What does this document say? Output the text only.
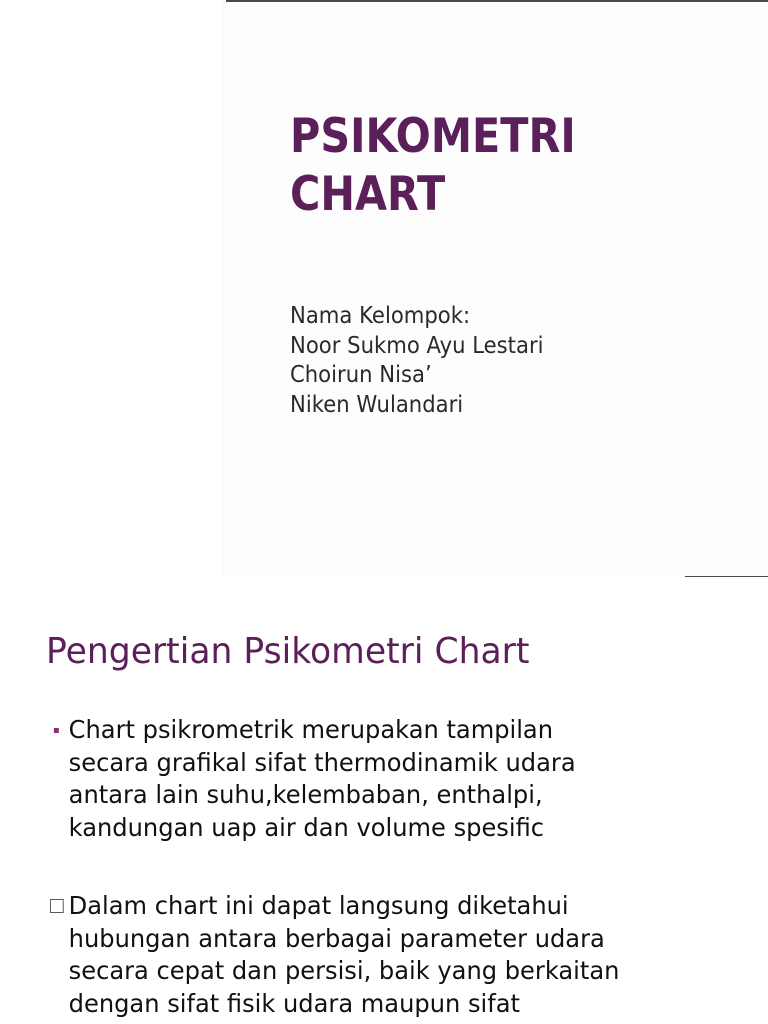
PSIKOMETRI
CHART
Nama Kelompok:
Noor Sukmo Ayu Lestari
Choirun Nisa’
Niken Wulandari
Pengertian Psikometri Chart
Chart psikrometrik merupakan tampilan
secara grafikal sifat thermodinamik udara
antara lain suhu,kelembaban, enthalpi,
kandungan uap air dan volume spesific
Dalam chart ini dapat langsung diketahui
hubungan antara berbagai parameter udara
secara cepat dan persisi, baik yang berkaitan
dengan sifat fisik udara maupun sifat
